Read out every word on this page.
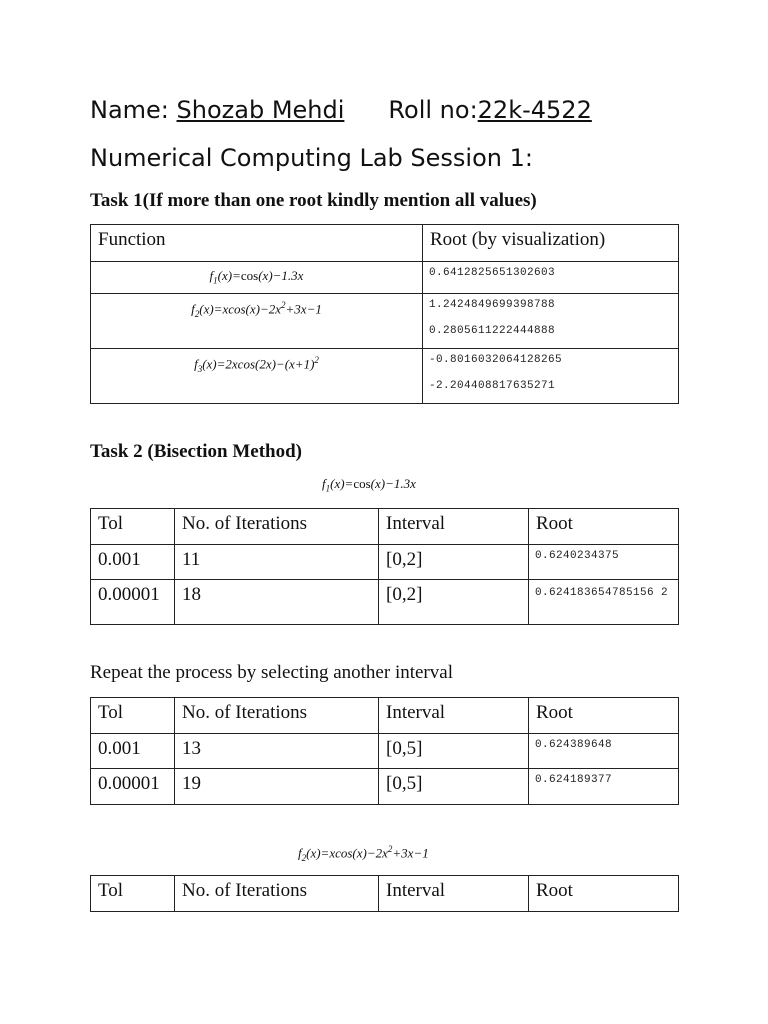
Name: Shozab Mehdi Roll no:22k-4522
Numerical Computing Lab Session 1:
Task 1(If more than one root kindly mention all values)
Function	Root (by visualization)

$f_1(x)=\cos(x)-1.3x$	0.6412825651302603

$f_2(x)=xcos(x)-2x^2+3x-1$	1.2424849699398788
0.2805611222444888

$f_3(x)=2xcos(2x)-(x+1)^2$	-0.8016032064128265
-2.204408817635271
Task 2 (Bisection Method)
$f_1(x)=\cos(x)-1.3x$
Tol	No. of Iterations	Interval	Root

0.001	11	[0,2]	0.6240234375

0.00001	18	[0,2]	0.624183654785156 2
Repeat the process by selecting another interval
Tol	No. of Iterations	Interval	Root

0.001	13	[0,5]	0.624389648

0.00001	19	[0,5]	0.624189377
$f_2(x)=xcos(x)-2x^2+3x-1$
Tol	No. of Iterations	Interval	Root
